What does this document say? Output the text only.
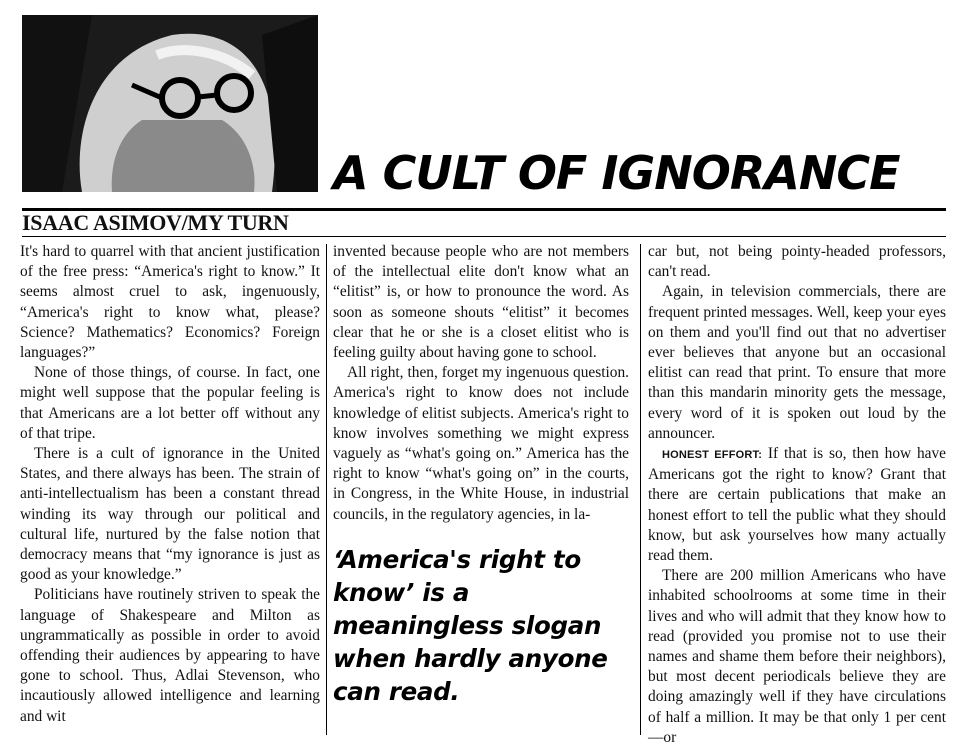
A CULT OF IGNORANCE
ISAAC ASIMOV/MY TURN

It's hard to quarrel with that ancient justification of the free press: “America's right to know.” It seems almost cruel to ask, ingenuously, “America's right to know what, please? Science? Mathematics? Economics? Foreign languages?”

None of those things, of course. In fact, one might well suppose that the popular feeling is that Americans are a lot better off without any of that tripe.

There is a cult of ignorance in the United States, and there always has been. The strain of anti-intellectualism has been a constant thread winding its way through our political and cultural life, nurtured by the false notion that democracy means that “my ignorance is just as good as your knowledge.”

Politicians have routinely striven to speak the language of Shakespeare and Milton as ungrammatically as possible in order to avoid offending their audiences by appearing to have gone to school. Thus, Adlai Stevenson, who incautiously allowed intelligence and learning and wit

invented because people who are not members of the intellectual elite don't know what an “elitist” is, or how to pronounce the word. As soon as someone shouts “elitist” it becomes clear that he or she is a closet elitist who is feeling guilty about having gone to school.

All right, then, forget my ingenuous question. America's right to know does not include knowledge of elitist subjects. America's right to know involves something we might express vaguely as “what's going on.” America has the right to know “what's going on” in the courts, in Congress, in the White House, in industrial councils, in the regulatory agencies, in la-

‘America's right to know’ is a meaningless slogan when hardly anyone can read.

car but, not being pointy-headed professors, can't read.

Again, in television commercials, there are frequent printed messages. Well, keep your eyes on them and you'll find out that no advertiser ever believes that anyone but an occasional elitist can read that print. To ensure that more than this mandarin minority gets the message, every word of it is spoken out loud by the announcer.

HONEST EFFORT: If that is so, then how have Americans got the right to know? Grant that there are certain publications that make an honest effort to tell the public what they should know, but ask yourselves how many actually read them.

There are 200 million Americans who have inhabited schoolrooms at some time in their lives and who will admit that they know how to read (provided you promise not to use their names and shame them before their neighbors), but most decent periodicals believe they are doing amazingly well if they have circulations of half a million. It may be that only 1 per cent—or
